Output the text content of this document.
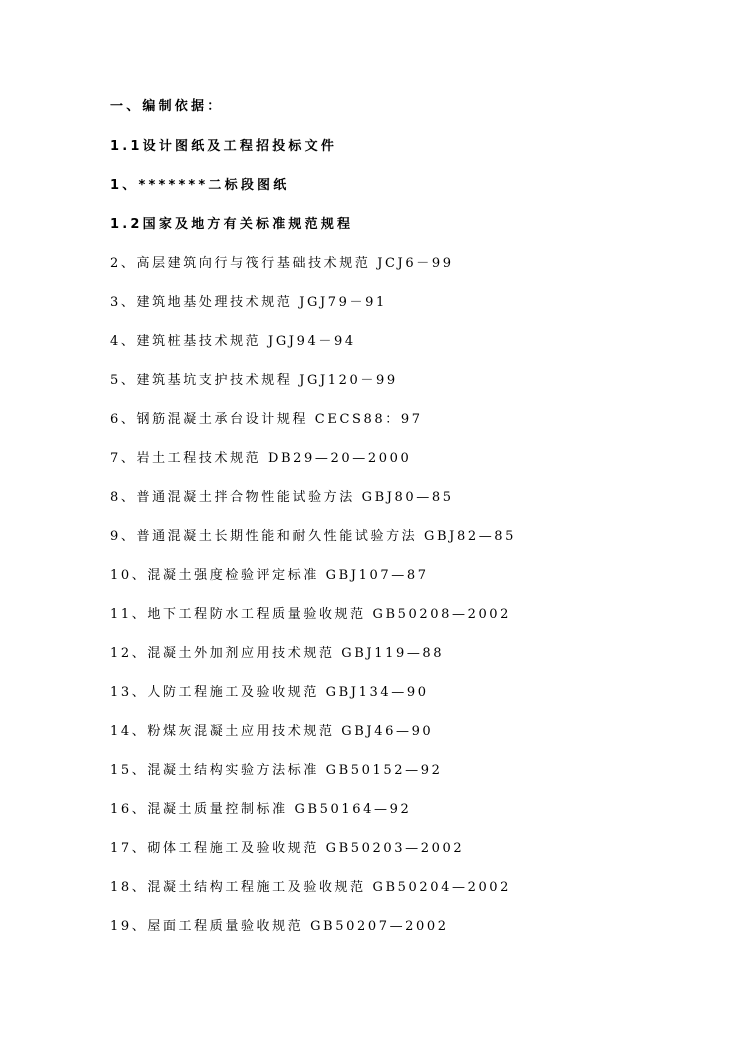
一、编制依据：
1.1设计图纸及工程招投标文件
1、*******二标段图纸
1.2国家及地方有关标准规范规程
2、高层建筑向行与筏行基础技术规范 JCJ6－99
3、建筑地基处理技术规范 JGJ79－91
4、建筑桩基技术规范 JGJ94－94
5、建筑基坑支护技术规程 JGJ120－99
6、钢筋混凝土承台设计规程 CECS88：97
7、岩土工程技术规范 DB29—20—2000
8、普通混凝土拌合物性能试验方法 GBJ80—85
9、普通混凝土长期性能和耐久性能试验方法 GBJ82—85
10、混凝土强度检验评定标准 GBJ107—87
11、地下工程防水工程质量验收规范 GB50208—2002
12、混凝土外加剂应用技术规范 GBJ119—88
13、人防工程施工及验收规范 GBJ134—90
14、粉煤灰混凝土应用技术规范 GBJ46—90
15、混凝土结构实验方法标准 GB50152—92
16、混凝土质量控制标准 GB50164—92
17、砌体工程施工及验收规范 GB50203—2002
18、混凝土结构工程施工及验收规范 GB50204—2002
19、屋面工程质量验收规范 GB50207—2002
